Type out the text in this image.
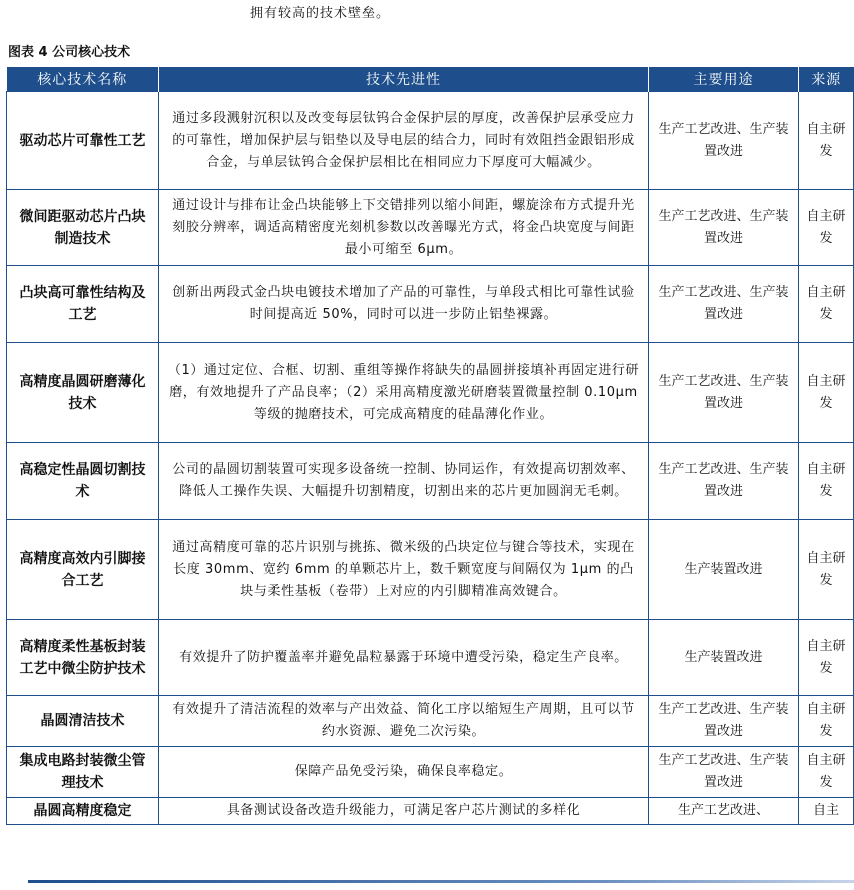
拥有较高的技术壁垒。
图表 4 公司核心技术
核心技术名称	技术先进性	主要用途	来源
驱动芯片可靠性工艺	通过多段溅射沉积以及改变每层钛钨合金保护层的厚度，改善保护层承受应力的可靠性，增加保护层与铝垫以及导电层的结合力，同时有效阻挡金跟铝形成合金，与单层钛钨合金保护层相比在相同应力下厚度可大幅减少。	生产工艺改进、生产装置改进	自主研发
微间距驱动芯片凸块制造技术	通过设计与排布让金凸块能够上下交错排列以缩小间距，螺旋涂布方式提升光刻胶分辨率，调适高精密度光刻机参数以改善曝光方式，将金凸块宽度与间距最小可缩至 6μm。	生产工艺改进、生产装置改进	自主研发
凸块高可靠性结构及工艺	创新出两段式金凸块电镀技术增加了产品的可靠性，与单段式相比可靠性试验时间提高近 50%，同时可以进一步防止铝垫裸露。	生产工艺改进、生产装置改进	自主研发
高精度晶圆研磨薄化技术	（1）通过定位、合框、切割、重组等操作将缺失的晶圆拼接填补再固定进行研磨，有效地提升了产品良率；（2）采用高精度激光研磨装置微量控制 0.10μm 等级的抛磨技术，可完成高精度的硅晶薄化作业。	生产工艺改进、生产装置改进	自主研发
高稳定性晶圆切割技术	公司的晶圆切割装置可实现多设备统一控制、协同运作，有效提高切割效率、降低人工操作失误、大幅提升切割精度，切割出来的芯片更加圆润无毛刺。	生产工艺改进、生产装置改进	自主研发
高精度高效内引脚接合工艺	通过高精度可靠的芯片识别与挑拣、微米级的凸块定位与键合等技术，实现在长度 30mm、宽约 6mm 的单颗芯片上，数千颗宽度与间隔仅为 1μm 的凸块与柔性基板（卷带）上对应的内引脚精准高效键合。	生产装置改进	自主研发
高精度柔性基板封装工艺中微尘防护技术	有效提升了防护覆盖率并避免晶粒暴露于环境中遭受污染，稳定生产良率。	生产装置改进	自主研发
晶圆清洁技术	有效提升了清洁流程的效率与产出效益、简化工序以缩短生产周期，且可以节约水资源、避免二次污染。	生产工艺改进、生产装置改进	自主研发
集成电路封装微尘管理技术	保障产品免受污染，确保良率稳定。	生产工艺改进、生产装置改进	自主研发
晶圆高精度稳定	具备测试设备改造升级能力，可满足客户芯片测试的多样化	生产工艺改进、	自主
